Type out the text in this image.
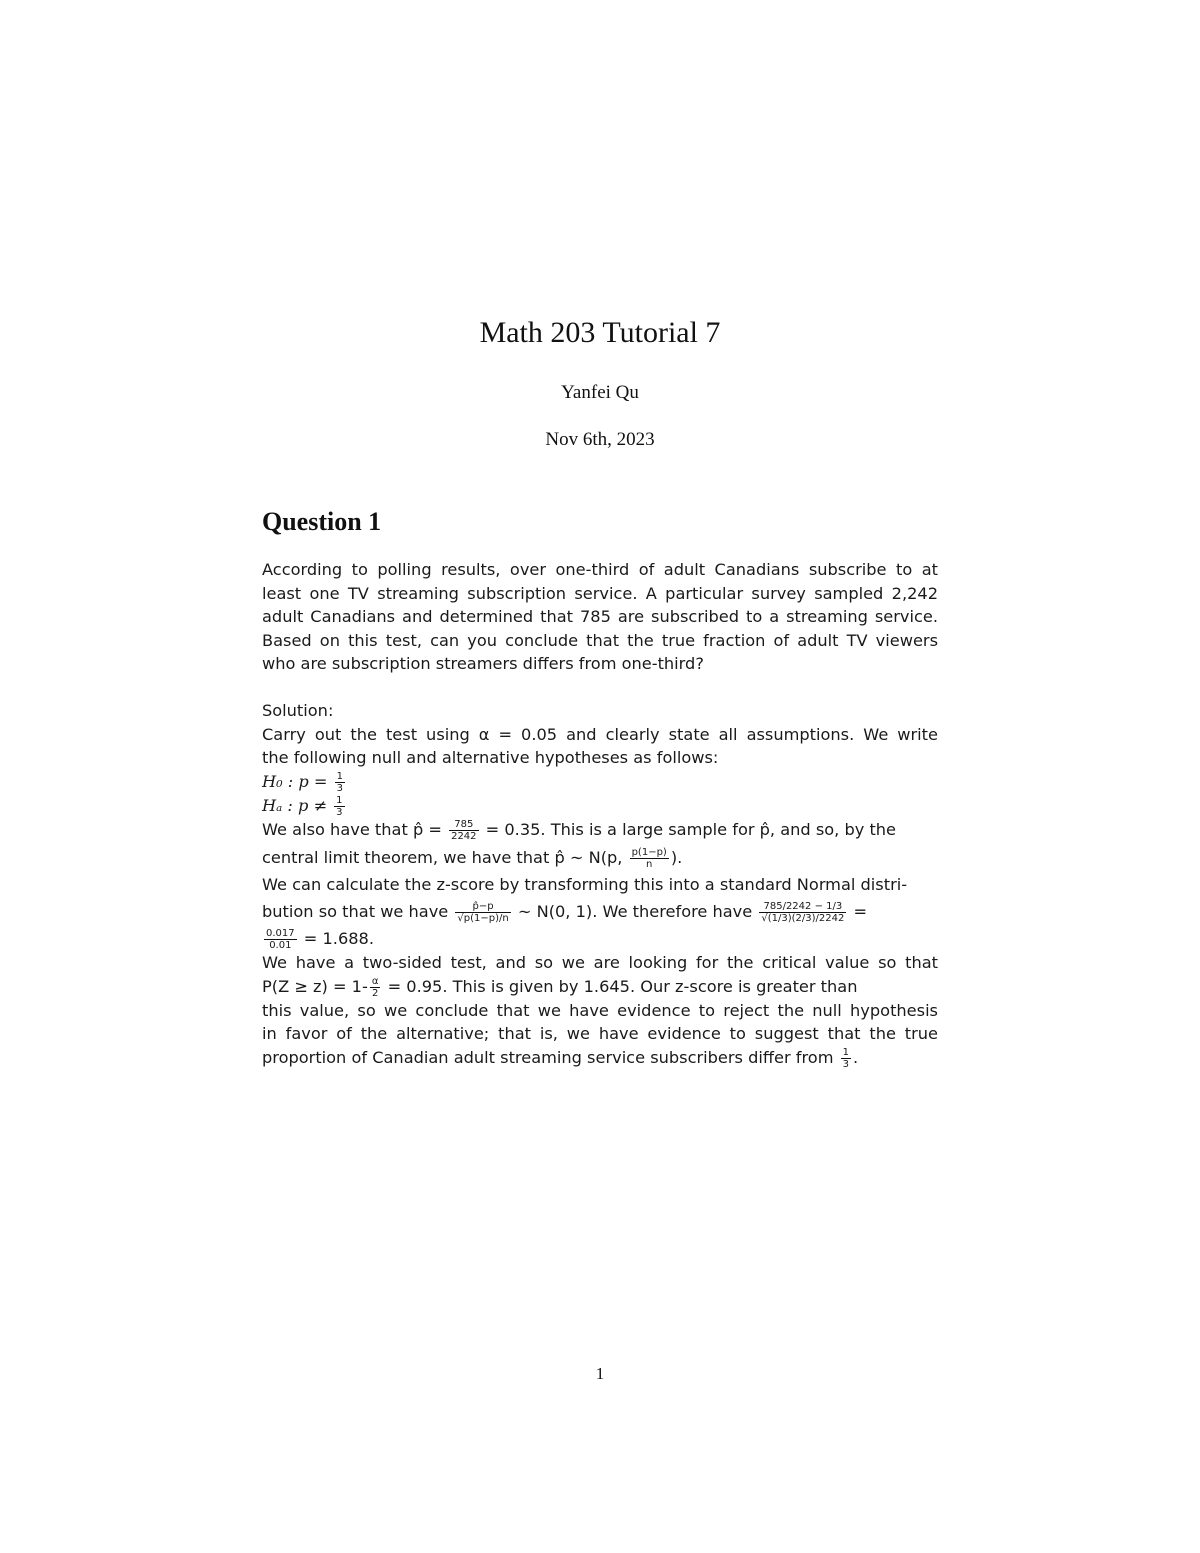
Math 203 Tutorial 7
Yanfei Qu
Nov 6th, 2023
Question 1
According to polling results, over one-third of adult Canadians subscribe to at
least one TV streaming subscription service. A particular survey sampled 2,242
adult Canadians and determined that 785 are subscribed to a streaming service.
Based on this test, can you conclude that the true fraction of adult TV viewers
who are subscription streamers differs from one-third?
Solution:
Carry out the test using α = 0.05 and clearly state all assumptions. We write
the following null and alternative hypotheses as follows:
H₀ : $p = \frac{1}{3}$
Hₐ : $p \ne \frac{1}{3}$
We also have that p̂ = $\frac{785}{2242} = 0.35$. This is a large sample for p̂, and so, by the
central limit theorem, we have that p̂ ∼ N(p, $\frac{p(1-p)}{n}$ ).
We can calculate the z-score by transforming this into a standard Normal distri-
bution so that we have $\frac{p̂-p}{√p(1-p)/n}$ ∼ N(0, 1). We therefore have $\frac{785/2242 - 1/3}{√(1/3)(2/3)/2242}$ =
$\frac{0.017}{0.01} = 1.688$.
We have a two-sided test, and so we are looking for the critical value so that
$P(Z \ge z) = 1- \frac{\alpha}{2} = 0.95$. This is given by 1.645. Our z-score is greater than
this value, so we conclude that we have evidence to reject the null hypothesis
in favor of the alternative; that is, we have evidence to suggest that the true
proportion of Canadian adult streaming service subscribers differ from $\frac{1}{3}$ .
1
